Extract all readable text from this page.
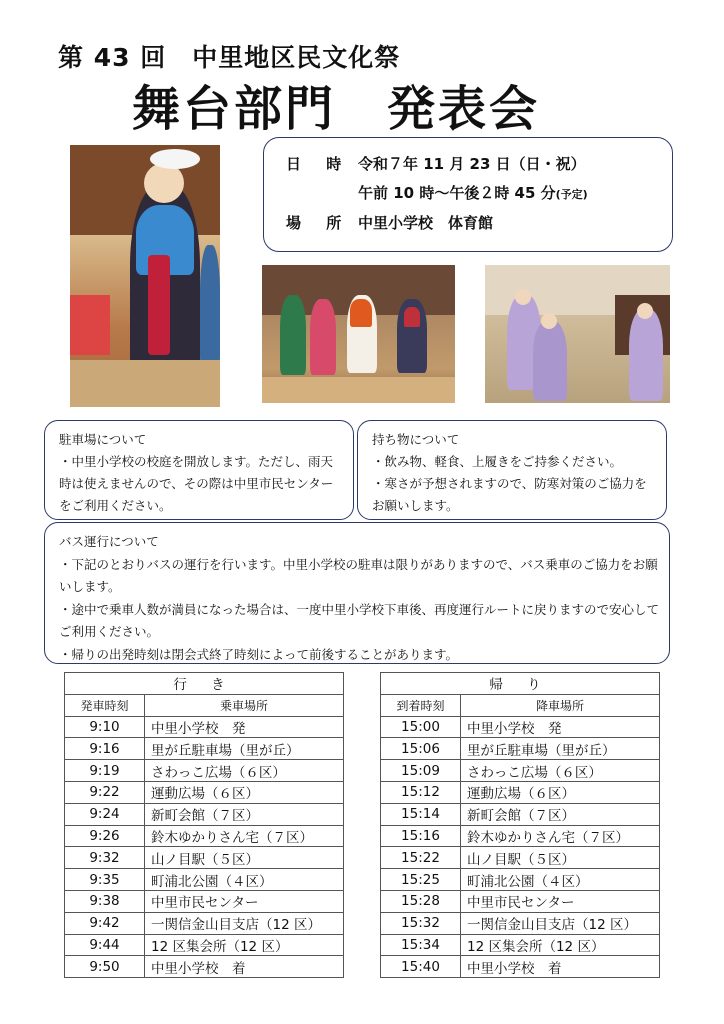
第 43 回　中里地区民文化祭
舞台部門　発表会
日 時 令和７年 11 月 23 日（日・祝）
午前 10 時～午後２時 45 分(予定)
場 所 中里小学校　体育館
駐車場について

・中里小学校の校庭を開放します。ただし、雨天時は使えませんので、その際は中里市民センターをご利用ください。

持ち物について

・飲み物、軽食、上履きをご持参ください。

・寒さが予想されますので、防寒対策のご協力をお願いします。

バス運行について

・下記のとおりバスの運行を行います。中里小学校の駐車は限りがありますので、バス乗車のご協力をお願いします。

・途中で乗車人数が満員になった場合は、一度中里小学校下車後、再度運行ルートに戻りますので安心してご利用ください。

・帰りの出発時刻は閉会式終了時刻によって前後することがあります。

行 き	
発車時刻	乗車場所
9:10	中里小学校　発
9:16	里が丘駐車場（里が丘）
9:19	さわっこ広場（６区）
9:22	運動広場（６区）
9:24	新町会館（７区）
9:26	鈴木ゆかりさん宅（７区）
9:32	山ノ目駅（５区）
9:35	町浦北公園（４区）
9:38	中里市民センター
9:42	一関信金山目支店（12 区）
9:44	12 区集会所（12 区）
9:50	中里小学校　着
帰 り	
到着時刻	降車場所
15:00	中里小学校　発
15:06	里が丘駐車場（里が丘）
15:09	さわっこ広場（６区）
15:12	運動広場（６区）
15:14	新町会館（７区）
15:16	鈴木ゆかりさん宅（７区）
15:22	山ノ目駅（５区）
15:25	町浦北公園（４区）
15:28	中里市民センター
15:32	一関信金山目支店（12 区）
15:34	12 区集会所（12 区）
15:40	中里小学校　着
